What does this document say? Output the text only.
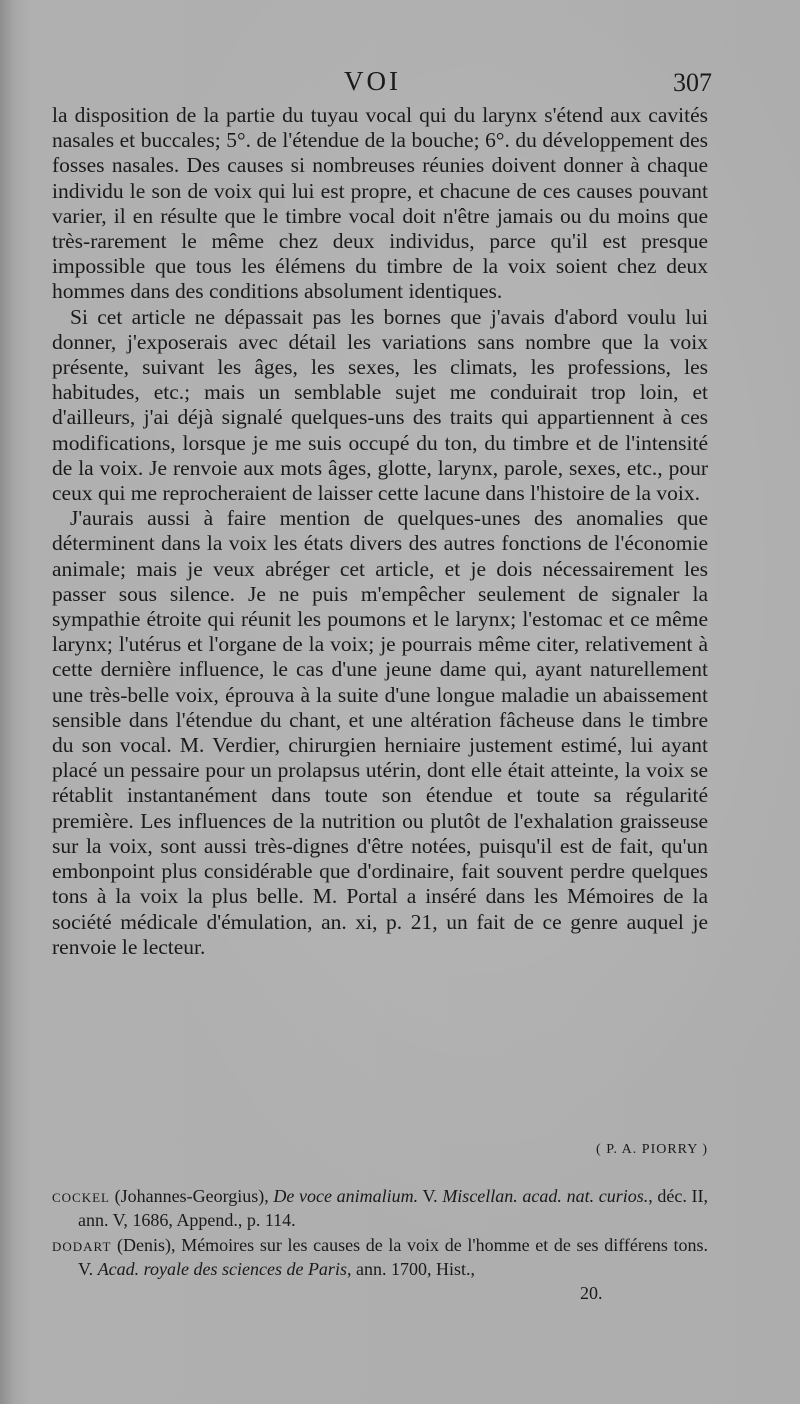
VOI	307

la disposition de la partie du tuyau vocal qui du larynx s'étend aux cavités nasales et buccales; 5°. de l'étendue de la bouche; 6°. du développement des fosses nasales. Des causes si nombreuses réunies doivent donner à chaque individu le son de voix qui lui est propre, et chacune de ces causes pouvant varier, il en résulte que le timbre vocal doit n'être jamais ou du moins que très-rarement le même chez deux individus, parce qu'il est presque impossible que tous les élémens du timbre de la voix soient chez deux hommes dans des conditions absolument identiques.

Si cet article ne dépassait pas les bornes que j'avais d'abord voulu lui donner, j'exposerais avec détail les variations sans nombre que la voix présente, suivant les âges, les sexes, les climats, les professions, les habitudes, etc.; mais un semblable sujet me conduirait trop loin, et d'ailleurs, j'ai déjà signalé quelques-uns des traits qui appartiennent à ces modifications, lorsque je me suis occupé du ton, du timbre et de l'intensité de la voix. Je renvoie aux mots âges, glotte, larynx, parole, sexes, etc., pour ceux qui me reprocheraient de laisser cette lacune dans l'histoire de la voix.

J'aurais aussi à faire mention de quelques-unes des anomalies que déterminent dans la voix les états divers des autres fonctions de l'économie animale; mais je veux abréger cet article, et je dois nécessairement les passer sous silence. Je ne puis m'empêcher seulement de signaler la sympathie étroite qui réunit les poumons et le larynx; l'estomac et ce même larynx; l'utérus et l'organe de la voix; je pourrais même citer, relativement à cette dernière influence, le cas d'une jeune dame qui, ayant naturellement une très-belle voix, éprouva à la suite d'une longue maladie un abaissement sensible dans l'étendue du chant, et une altération fâcheuse dans le timbre du son vocal. M. Verdier, chirurgien herniaire justement estimé, lui ayant placé un pessaire pour un prolapsus utérin, dont elle était atteinte, la voix se rétablit instantanément dans toute son étendue et toute sa régularité première. Les influences de la nutrition ou plutôt de l'exhalation graisseuse sur la voix, sont aussi très-dignes d'être notées, puisqu'il est de fait, qu'un embonpoint plus considérable que d'ordinaire, fait souvent perdre quelques tons à la voix la plus belle. M. Portal a inséré dans les Mémoires de la société médicale d'émulation, an. xi, p. 21, un fait de ce genre auquel je renvoie le lecteur.

( P. A. PIORRY )

COCKEL (Johannes-Georgius), De voce animalium. V. Miscellan. acad. nat. curios., déc. II, ann. V, 1686, Append., p. 114.

DODART (Denis), Mémoires sur les causes de la voix de l'homme et de ses différens tons. V. Acad. royale des sciences de Paris, ann. 1700, Hist.,

20.
